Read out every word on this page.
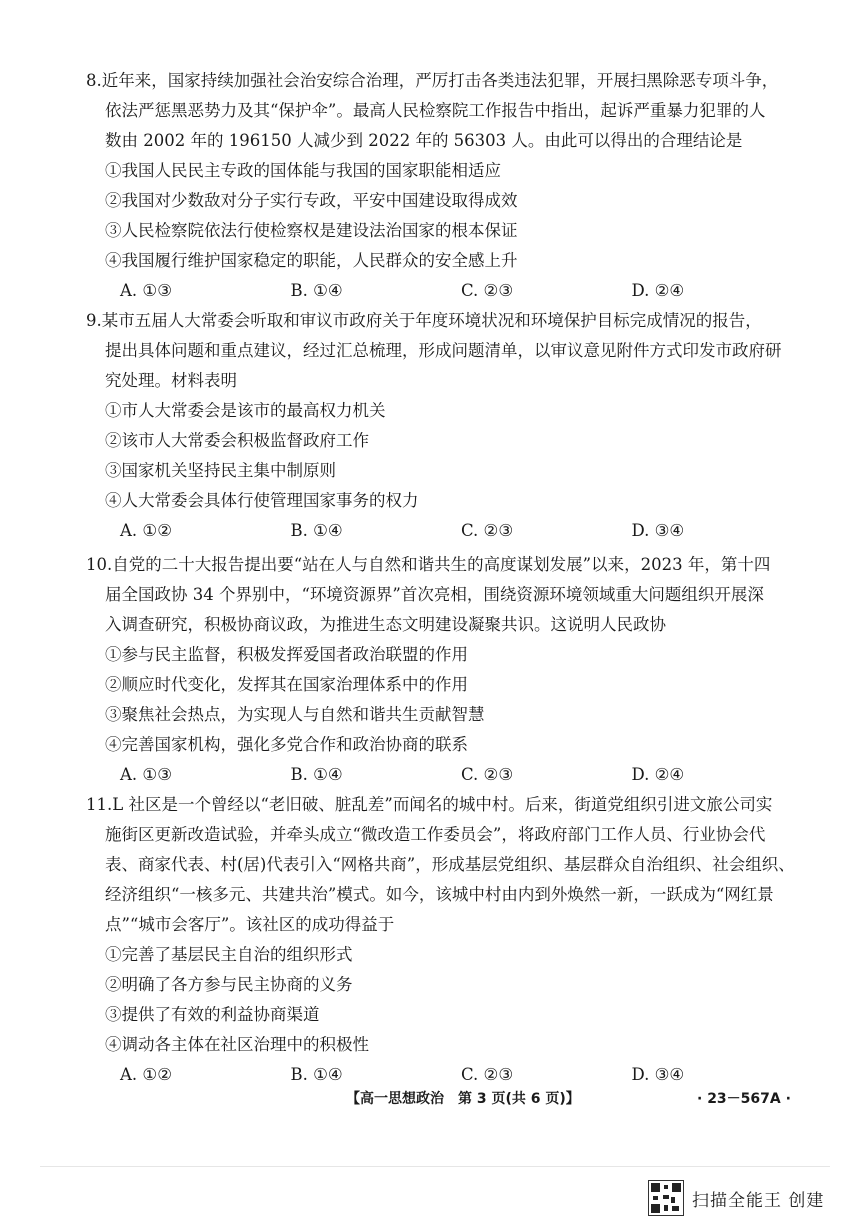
8.近年来，国家持续加强社会治安综合治理，严厉打击各类违法犯罪，开展扫黑除恶专项斗争，

依法严惩黑恶势力及其“保护伞”。最高人民检察院工作报告中指出，起诉严重暴力犯罪的人

数由 2002 年的 196150 人减少到 2022 年的 56303 人。由此可以得出的合理结论是

①我国人民民主专政的国体能与我国的国家职能相适应

②我国对少数敌对分子实行专政，平安中国建设取得成效

③人民检察院依法行使检察权是建设法治国家的根本保证

④我国履行维护国家稳定的职能，人民群众的安全感上升

A. ①③	B. ①④	C. ②③	D. ②④

9.某市五届人大常委会听取和审议市政府关于年度环境状况和环境保护目标完成情况的报告，

提出具体问题和重点建议，经过汇总梳理，形成问题清单，以审议意见附件方式印发市政府研

究处理。材料表明

①市人大常委会是该市的最高权力机关

②该市人大常委会积极监督政府工作

③国家机关坚持民主集中制原则

④人大常委会具体行使管理国家事务的权力

A. ①②	B. ①④	C. ②③	D. ③④

10.自党的二十大报告提出要“站在人与自然和谐共生的高度谋划发展”以来，2023 年，第十四

届全国政协 34 个界别中，“环境资源界”首次亮相，围绕资源环境领域重大问题组织开展深

入调查研究，积极协商议政，为推进生态文明建设凝聚共识。这说明人民政协

①参与民主监督，积极发挥爱国者政治联盟的作用

②顺应时代变化，发挥其在国家治理体系中的作用

③聚焦社会热点，为实现人与自然和谐共生贡献智慧

④完善国家机构，强化多党合作和政治协商的联系

A. ①③	B. ①④	C. ②③	D. ②④

11.L 社区是一个曾经以“老旧破、脏乱差”而闻名的城中村。后来，街道党组织引进文旅公司实

施街区更新改造试验，并牵头成立“微改造工作委员会”，将政府部门工作人员、行业协会代

表、商家代表、村(居)代表引入“网格共商”，形成基层党组织、基层群众自治组织、社会组织、

经济组织“一核多元、共建共治”模式。如今，该城中村由内到外焕然一新，一跃成为“网红景

点”“城市会客厅”。该社区的成功得益于

①完善了基层民主自治的组织形式

②明确了各方参与民主协商的义务

③提供了有效的利益协商渠道

④调动各主体在社区治理中的积极性

A. ①②	B. ①④	C. ②③	D. ③④
【高一思想政治　第 3 页(共 6 页)】	· 23－567A ·
扫描全能王 创建
